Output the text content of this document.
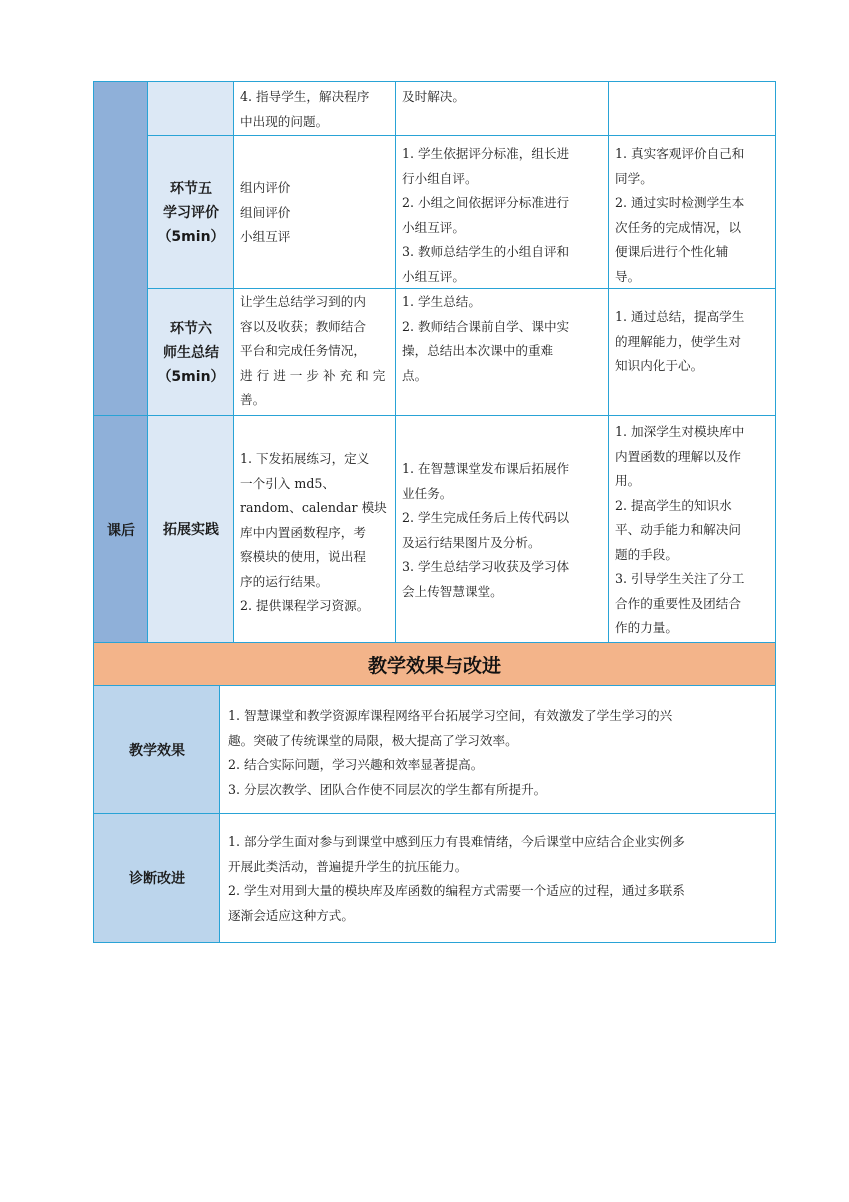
4. 指导学生，解决程序
中出现的问题。
及时解决。
环节五
学习评价
（5min）
组内评价
组间评价
小组互评
1. 学生依据评分标准，组长进
行小组自评。
2. 小组之间依据评分标准进行
小组互评。
3. 教师总结学生的小组自评和
小组互评。
1. 真实客观评价自己和
同学。
2. 通过实时检测学生本
次任务的完成情况，以
便课后进行个性化辅
导。
环节六
师生总结
（5min）
让学生总结学习到的内
容以及收获；教师结合
平台和完成任务情况，
进 行 进 一 步 补 充 和 完
善。
1. 学生总结。
2. 教师结合课前自学、课中实
操，总结出本次课中的重难
点。
1. 通过总结，提高学生
的理解能力，使学生对
知识内化于心。
课后 拓展实践
1. 下发拓展练习，定义
一个引入 md5、
random、calendar 模块
库中内置函数程序，考
察模块的使用，说出程
序的运行结果。
2. 提供课程学习资源。
1. 在智慧课堂发布课后拓展作
业任务。
2. 学生完成任务后上传代码以
及运行结果图片及分析。
3. 学生总结学习收获及学习体
会上传智慧课堂。
1. 加深学生对模块库中
内置函数的理解以及作
用。
2. 提高学生的知识水
平、动手能力和解决问
题的手段。
3. 引导学生关注了分工
合作的重要性及团结合
作的力量。
教学效果与改进
教学效果
1. 智慧课堂和教学资源库课程网络平台拓展学习空间，有效激发了学生学习的兴
趣。突破了传统课堂的局限，极大提高了学习效率。
2. 结合实际问题，学习兴趣和效率显著提高。
3. 分层次教学、团队合作使不同层次的学生都有所提升。
诊断改进
1. 部分学生面对参与到课堂中感到压力有畏难情绪，今后课堂中应结合企业实例多
开展此类活动，普遍提升学生的抗压能力。
2. 学生对用到大量的模块库及库函数的编程方式需要一个适应的过程，通过多联系
逐渐会适应这种方式。
